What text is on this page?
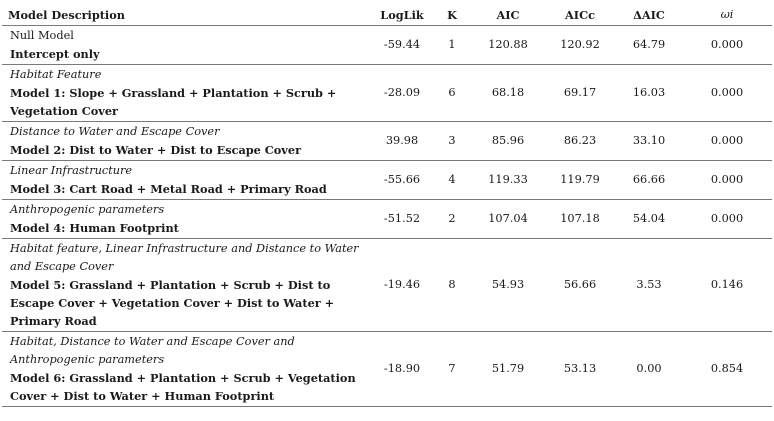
Model Description	LogLik	K	AIC	AICc	ΔAIC	ωi

Null Model
Intercept only	-59.44	1	120.88	120.92	64.79	0.000

Habitat Feature
Model 1: Slope + Grassland + Plantation + Scrub + Vegetation Cover	-28.09	6	68.18	69.17	16.03	0.000

Distance to Water and Escape Cover
Model 2: Dist to Water + Dist to Escape Cover	39.98	3	85.96	86.23	33.10	0.000

Linear Infrastructure
Model 3: Cart Road + Metal Road + Primary Road	-55.66	4	119.33	119.79	66.66	0.000

Anthropogenic parameters
Model 4: Human Footprint	-51.52	2	107.04	107.18	54.04	0.000

Habitat feature, Linear Infrastructure and Distance to Water and Escape Cover
Model 5: Grassland + Plantation + Scrub + Dist to Escape Cover + Vegetation Cover + Dist to Water + Primary Road	-19.46	8	54.93	56.66	3.53	0.146

Habitat, Distance to Water and Escape Cover and Anthropogenic parameters
Model 6: Grassland + Plantation + Scrub + Vegetation Cover + Dist to Water + Human Footprint	-18.90	7	51.79	53.13	0.00	0.854
